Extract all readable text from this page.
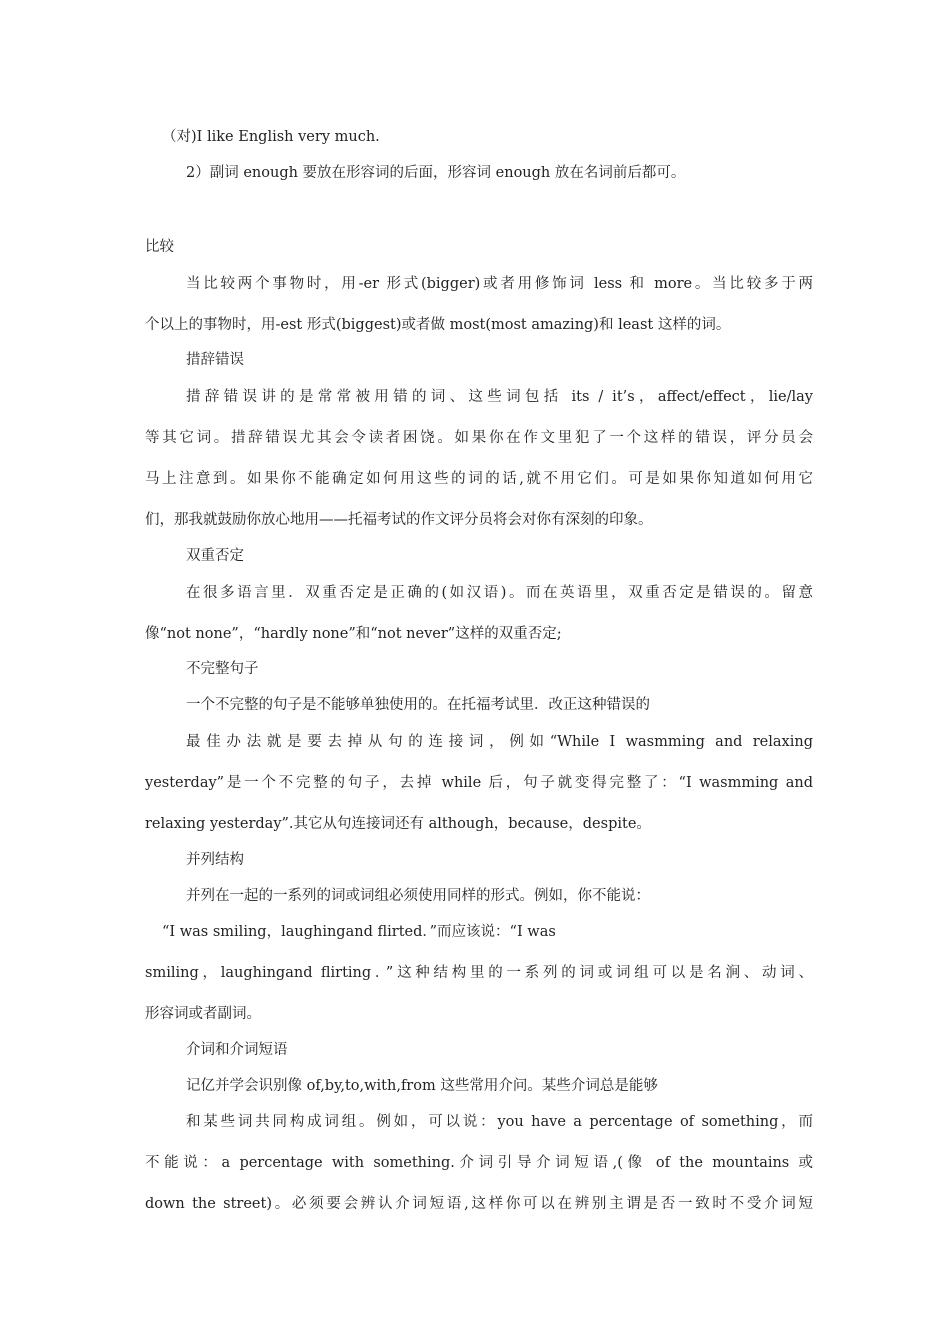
（对)I like English very much.

2）副词 enough 要放在形容词的后面，形容词 enough 放在名词前后都可。

比较

当比较两个事物时，用-er 形式(bigger)或者用修饰词 less 和 more。当比较多于两

个以上的事物时，用-est 形式(biggest)或者做 most(most amazing)和 least 这样的词。

措辞错误

措辞错误讲的是常常被用错的词、这些词包括 its / it’s，affect/effect，lie/lay

等其它词。措辞错误尤其会令读者困饶。如果你在作文里犯了一个这样的错误，评分员会

马上注意到。如果你不能确定如何用这些的词的话,就不用它们。可是如果你知道如何用它

们，那我就鼓励你放心地用——托福考试的作文评分员将会对你有深刻的印象。

双重否定

在很多语言里．双重否定是正确的(如汉语)。而在英语里，双重否定是错误的。留意

像“not none”，“hardly none”和“not never”这样的双重否定;

不完整句子

一个不完整的句子是不能够单独使用的。在托福考试里．改正这种错误的

最佳办法就是要去掉从句的连接词，例如“While I wasmming and relaxing

yesterday”是一个不完整的句子，去掉 while 后，句子就变得完整了：“I wasmming and

relaxing yesterday”.其它从句连接词还有 although，because，despite。

并列结构

并列在一起的一系列的词或词组必须使用同样的形式。例如，你不能说：

“I was smiling，laughingand flirted．”而应该说：“I was

smiling，laughingand flirting．”这种结构里的一系列的词或词组可以是名涧、动词、

形容词或者副词。

介词和介词短语

记亿并学会识别像 of,by,to,with,from 这些常用介问。某些介词总是能够

和某些词共同构成词组。例如，可以说：you have a percentage of something，而

不能说：a percentage with something.介词引导介词短语,(像 of the mountains 或

down the street)。必须要会辨认介词短语,这样你可以在辨别主谓是否一致时不受介词短
